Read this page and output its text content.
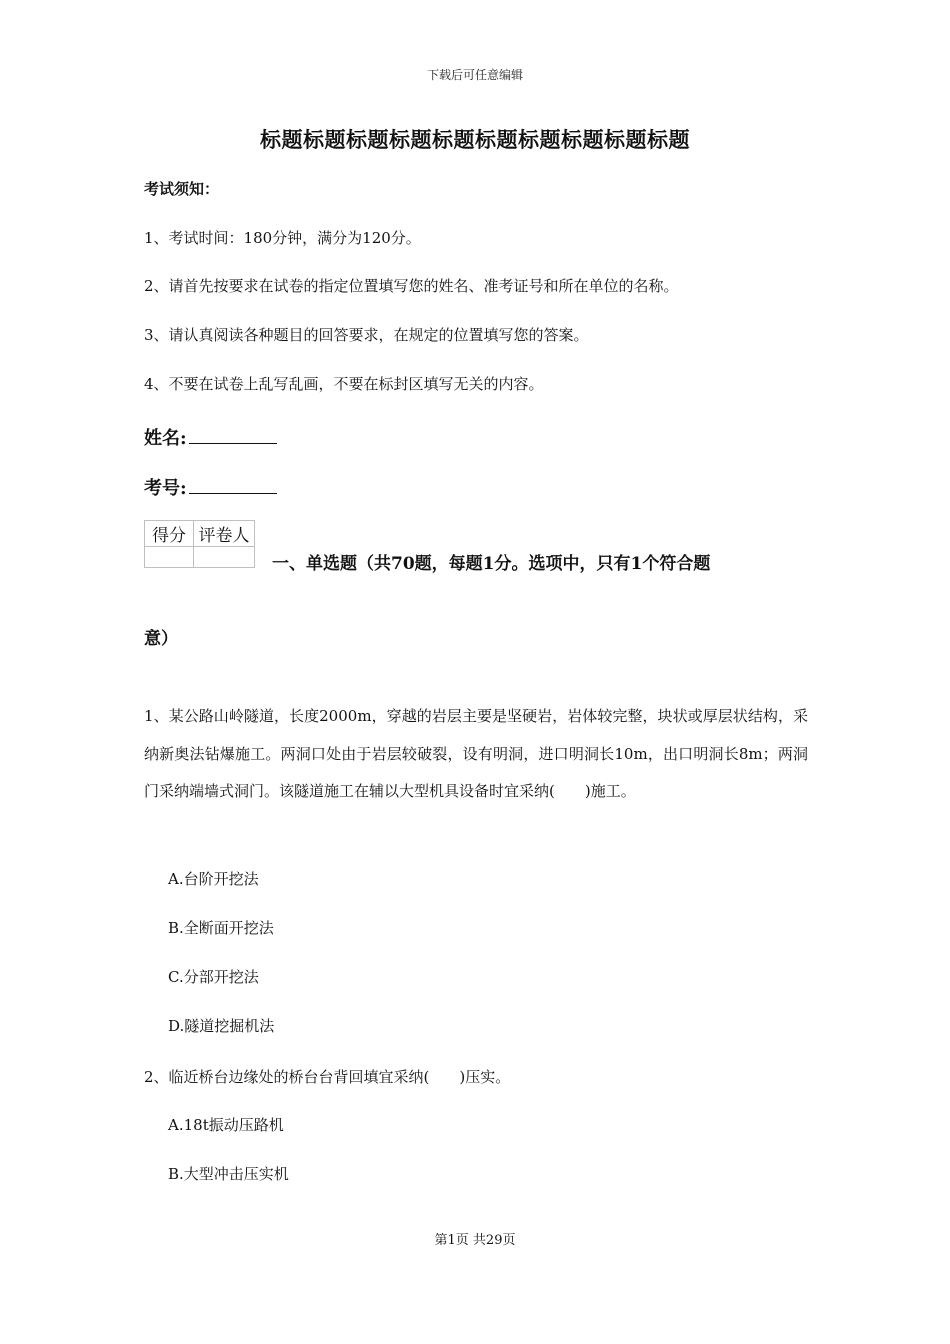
下载后可任意编辑
标题标题标题标题标题标题标题标题标题标题
考试须知：
1、考试时间：180分钟，满分为120分。
2、请首先按要求在试卷的指定位置填写您的姓名、准考证号和所在单位的名称。
3、请认真阅读各种题目的回答要求，在规定的位置填写您的答案。
4、不要在试卷上乱写乱画，不要在标封区填写无关的内容。
姓名:
考号:
得分	评卷人

一、单选题（共70题，每题1分。选项中，只有1个符合题
意）
1、某公路山岭隧道，长度2000m，穿越的岩层主要是坚硬岩，岩体较完整，块状或厚层状结构，采纳新奥法钻爆施工。两洞口处由于岩层较破裂，设有明洞，进口明洞长10m，出口明洞长8m；两洞门采纳端墙式洞门。该隧道施工在辅以大型机具设备时宜采纳(　　)施工。
A.台阶开挖法
B.全断面开挖法
C.分部开挖法
D.隧道挖掘机法
2、临近桥台边缘处的桥台台背回填宜采纳(　　)压实。
A.18t振动压路机
B.大型冲击压实机
第1页 共29页
